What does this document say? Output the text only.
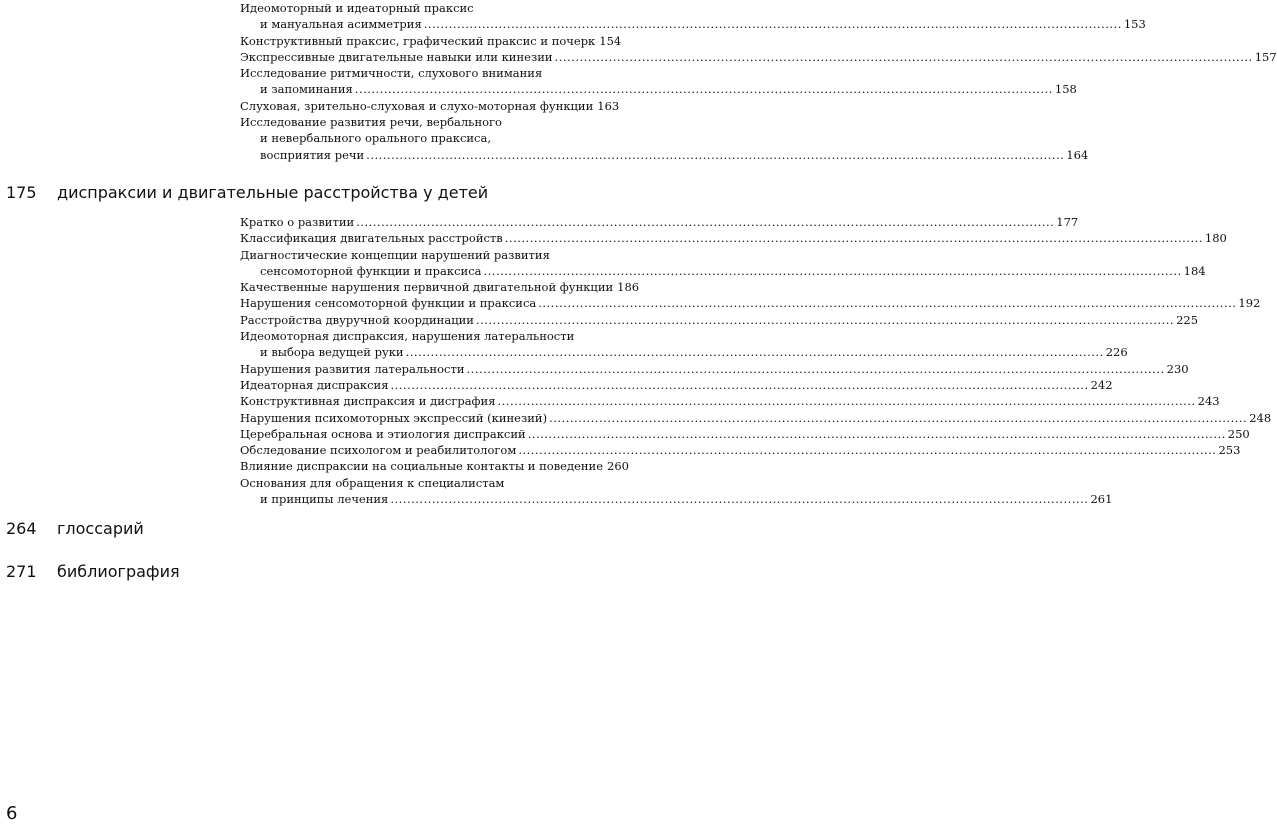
Идеомоторный и идеаторный праксис
и мануальная асимметрия .....	153
Конструктивный праксис, графический праксис и почерк 154
Экспрессивные двигательные навыки или кинезии .....	157
Исследование ритмичности, слухового внимания
и запоминания .....	158
Слуховая, зрительно-слуховая и слухо-моторная функции 163
Исследование развития речи, вербального
и невербального орального праксиса,
восприятия речи .....	164
175	диспраксии и двигательные расстройства у детей
Кратко о развитии .....	177
Классификация двигательных расстройств .....	180
Диагностические концепции нарушений развития
сенсомоторной функции и праксиса .....	184
Качественные нарушения первичной двигательной функции 186
Нарушения сенсомоторной функции и праксиса .....	192
Расстройства двуручной координации .....	225
Идеомоторная диспраксия, нарушения латеральности
и выбора ведущей руки .....	226
Нарушения развития латеральности .....	230
Идеаторная диспраксия .....	242
Конструктивная диспраксия и дисграфия .....	243
Нарушения психомоторных экспрессий (кинезий) .....	248
Церебральная основа и этиология диспраксий .....	250
Обследование психологом и реабилитологом .....	253
Влияние диспраксии на социальные контакты и поведение 260
Основания для обращения к специалистам
и принципы лечения .....	261
264	глоссарий
271	библиография
6
